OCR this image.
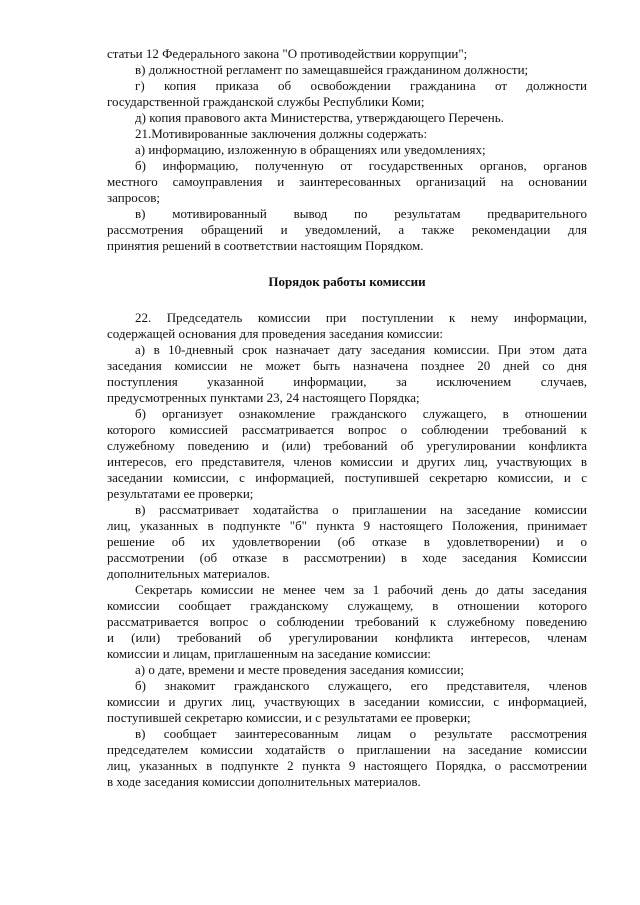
статьи 12 Федерального закона "О противодействии коррупции";
в) должностной регламент по замещавшейся гражданином должности;
г) копия приказа об освобождении гражданина от должности
государственной гражданской службы Республики Коми;
д) копия правового акта Министерства, утверждающего Перечень.
21.Мотивированные заключения должны содержать:
а) информацию, изложенную в обращениях или уведомлениях;
б) информацию, полученную от государственных органов, органов
местного самоуправления и заинтересованных организаций на основании
запросов;
в) мотивированный вывод по результатам предварительного
рассмотрения обращений и уведомлений, а также рекомендации для
принятия решений в соответствии настоящим Порядком.
Порядок работы комиссии
22. Председатель комиссии при поступлении к нему информации,
содержащей основания для проведения заседания комиссии:
а) в 10-дневный срок назначает дату заседания комиссии. При этом дата
заседания комиссии не может быть назначена позднее 20 дней со дня
поступления указанной информации, за исключением случаев,
предусмотренных пунктами 23, 24 настоящего Порядка;
б) организует ознакомление гражданского служащего, в отношении
которого комиссией рассматривается вопрос о соблюдении требований к
служебному поведению и (или) требований об урегулировании конфликта
интересов, его представителя, членов комиссии и других лиц, участвующих в
заседании комиссии, с информацией, поступившей секретарю комиссии, и с
результатами ее проверки;
в) рассматривает ходатайства о приглашении на заседание комиссии
лиц, указанных в подпункте "б" пункта 9 настоящего Положения, принимает
решение об их удовлетворении (об отказе в удовлетворении) и о
рассмотрении (об отказе в рассмотрении) в ходе заседания Комиссии
дополнительных материалов.
Секретарь комиссии не менее чем за 1 рабочий день до даты заседания
комиссии сообщает гражданскому служащему, в отношении которого
рассматривается вопрос о соблюдении требований к служебному поведению
и (или) требований об урегулировании конфликта интересов, членам
комиссии и лицам, приглашенным на заседание комиссии:
а) о дате, времени и месте проведения заседания комиссии;
б) знакомит гражданского служащего, его представителя, членов
комиссии и других лиц, участвующих в заседании комиссии, с информацией,
поступившей секретарю комиссии, и с результатами ее проверки;
в) сообщает заинтересованным лицам о результате рассмотрения
председателем комиссии ходатайств о приглашении на заседание комиссии
лиц, указанных в подпункте 2 пункта 9 настоящего Порядка, о рассмотрении
в ходе заседания комиссии дополнительных материалов.
